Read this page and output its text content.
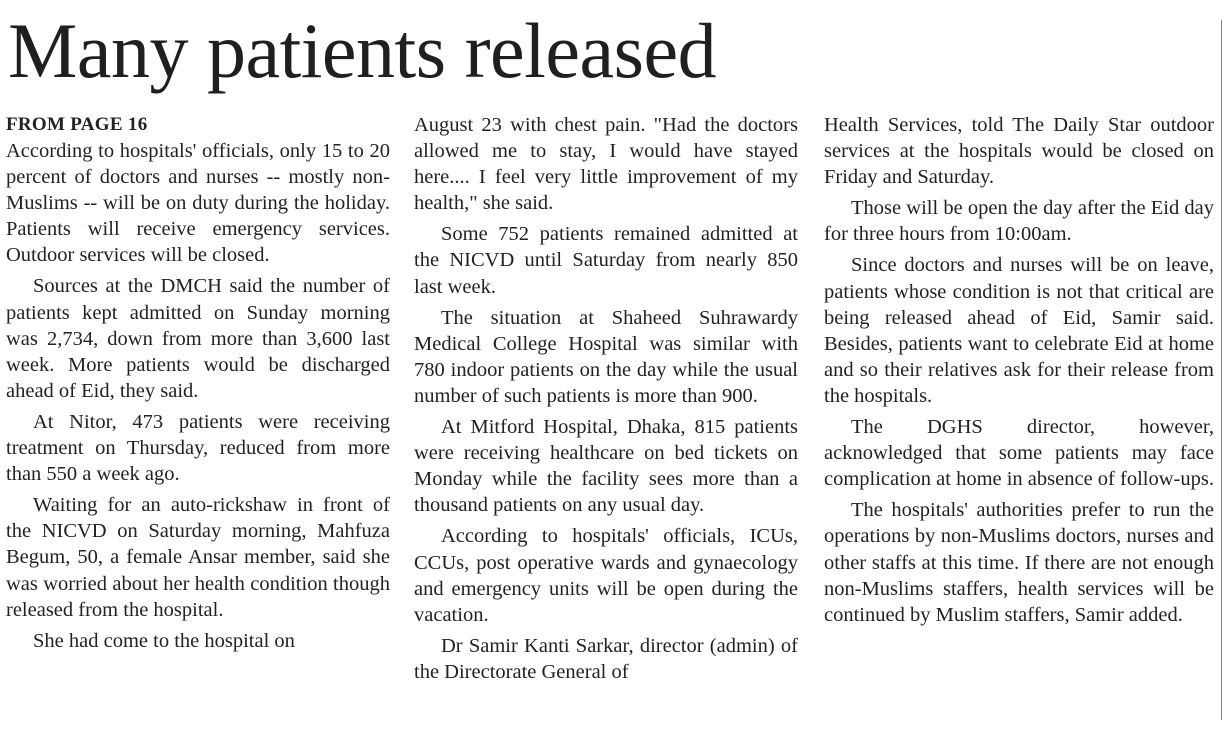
Many patients released
FROM PAGE 16

According to hospitals' officials, only 15 to 20 percent of doctors and nurses -- mostly non-Muslims -- will be on duty during the holiday. Patients will receive emergency services. Outdoor services will be closed.

Sources at the DMCH said the number of patients kept admitted on Sunday morning was 2,734, down from more than 3,600 last week. More patients would be discharged ahead of Eid, they said.

At Nitor, 473 patients were receiving treatment on Thursday, reduced from more than 550 a week ago.

Waiting for an auto-rickshaw in front of the NICVD on Saturday morning, Mahfuza Begum, 50, a female Ansar member, said she was worried about her health condition though released from the hospital.

She had come to the hospital on

August 23 with chest pain. "Had the doctors allowed me to stay, I would have stayed here.... I feel very little improvement of my health," she said.

Some 752 patients remained admitted at the NICVD until Saturday from nearly 850 last week.

The situation at Shaheed Suhrawardy Medical College Hospital was similar with 780 indoor patients on the day while the usual number of such patients is more than 900.

At Mitford Hospital, Dhaka, 815 patients were receiving healthcare on bed tickets on Monday while the facility sees more than a thousand patients on any usual day.

According to hospitals' officials, ICUs, CCUs, post operative wards and gynaecology and emergency units will be open during the vacation.

Dr Samir Kanti Sarkar, director (admin) of the Directorate General of

Health Services, told The Daily Star outdoor services at the hospitals would be closed on Friday and Saturday.

Those will be open the day after the Eid day for three hours from 10:00am.

Since doctors and nurses will be on leave, patients whose condition is not that critical are being released ahead of Eid, Samir said. Besides, patients want to celebrate Eid at home and so their relatives ask for their release from the hospitals.

The DGHS director, however, acknowledged that some patients may face complication at home in absence of follow-ups.

The hospitals' authorities prefer to run the operations by non-Muslims doctors, nurses and other staffs at this time. If there are not enough non-Muslims staffers, health services will be continued by Muslim staffers, Samir added.
